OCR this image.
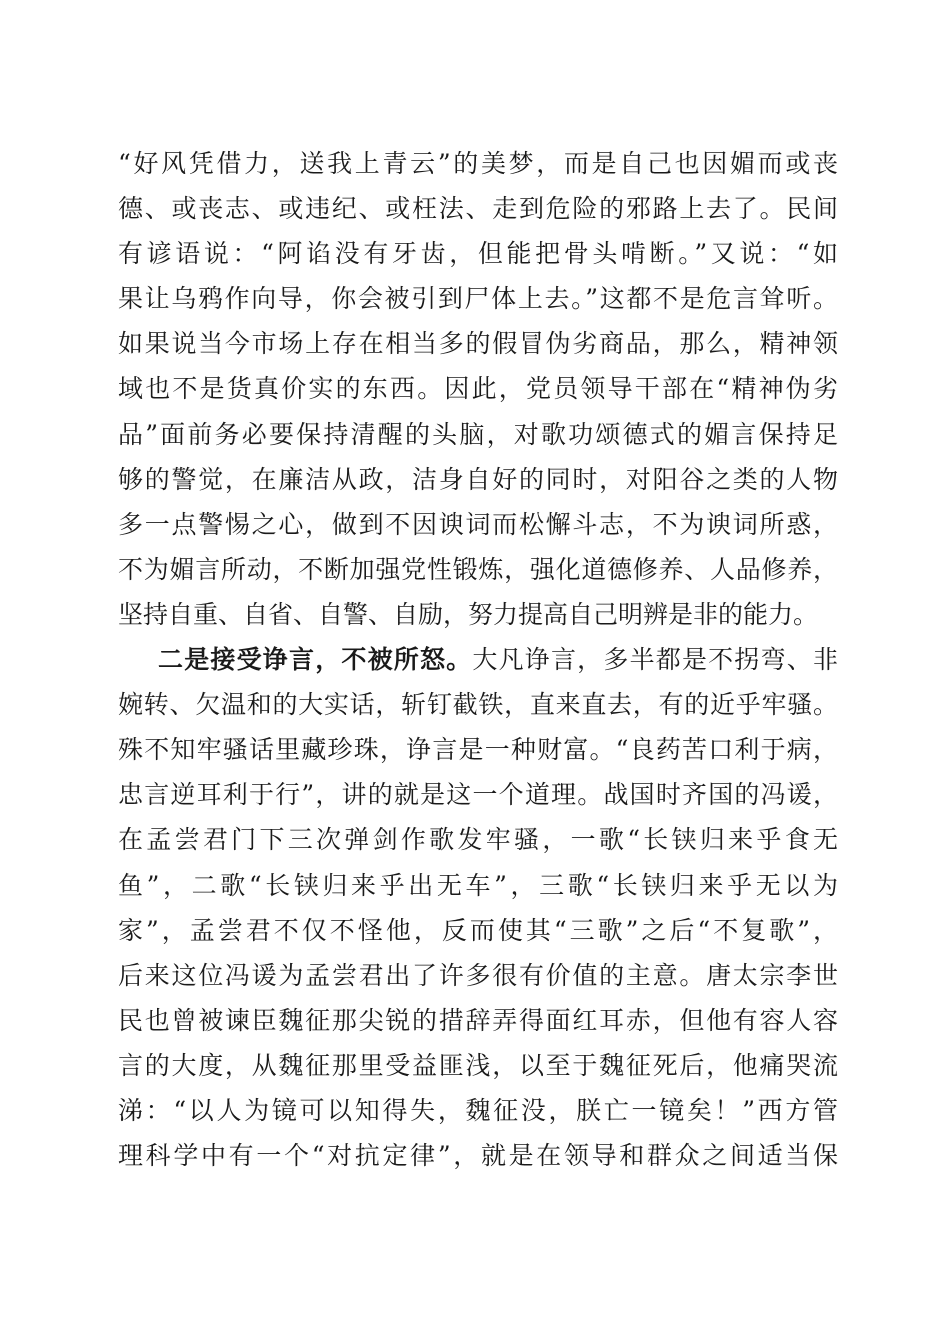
“好风凭借力，送我上青云”的美梦，而是自己也因媚而或丧
德、或丧志、或违纪、或枉法、走到危险的邪路上去了。民间
有谚语说：“阿谄没有牙齿，但能把骨头啃断。”又说：“如
果让乌鸦作向导，你会被引到尸体上去。”这都不是危言耸听。
如果说当今市场上存在相当多的假冒伪劣商品，那么，精神领
域也不是货真价实的东西。因此，党员领导干部在“精神伪劣
品”面前务必要保持清醒的头脑，对歌功颂德式的媚言保持足
够的警觉，在廉洁从政，洁身自好的同时，对阳谷之类的人物
多一点警惕之心，做到不因谀词而松懈斗志，不为谀词所惑，
不为媚言所动，不断加强党性锻炼，强化道德修养、人品修养，
坚持自重、自省、自警、自励，努力提高自己明辨是非的能力。
二是接受诤言，不被所怒。大凡诤言，多半都是不拐弯、非
婉转、欠温和的大实话，斩钉截铁，直来直去，有的近乎牢骚。
殊不知牢骚话里藏珍珠，诤言是一种财富。“良药苦口利于病，
忠言逆耳利于行”，讲的就是这一个道理。战国时齐国的冯谖，
在孟尝君门下三次弹剑作歌发牢骚，一歌“长铗归来乎食无
鱼”，二歌“长铗归来乎出无车”，三歌“长铗归来乎无以为
家”，孟尝君不仅不怪他，反而使其“三歌”之后“不复歌”，
后来这位冯谖为孟尝君出了许多很有价值的主意。唐太宗李世
民也曾被谏臣魏征那尖锐的措辞弄得面红耳赤，但他有容人容
言的大度，从魏征那里受益匪浅，以至于魏征死后，他痛哭流
涕：“以人为镜可以知得失，魏征没，朕亡一镜矣！”西方管
理科学中有一个“对抗定律”，就是在领导和群众之间适当保
